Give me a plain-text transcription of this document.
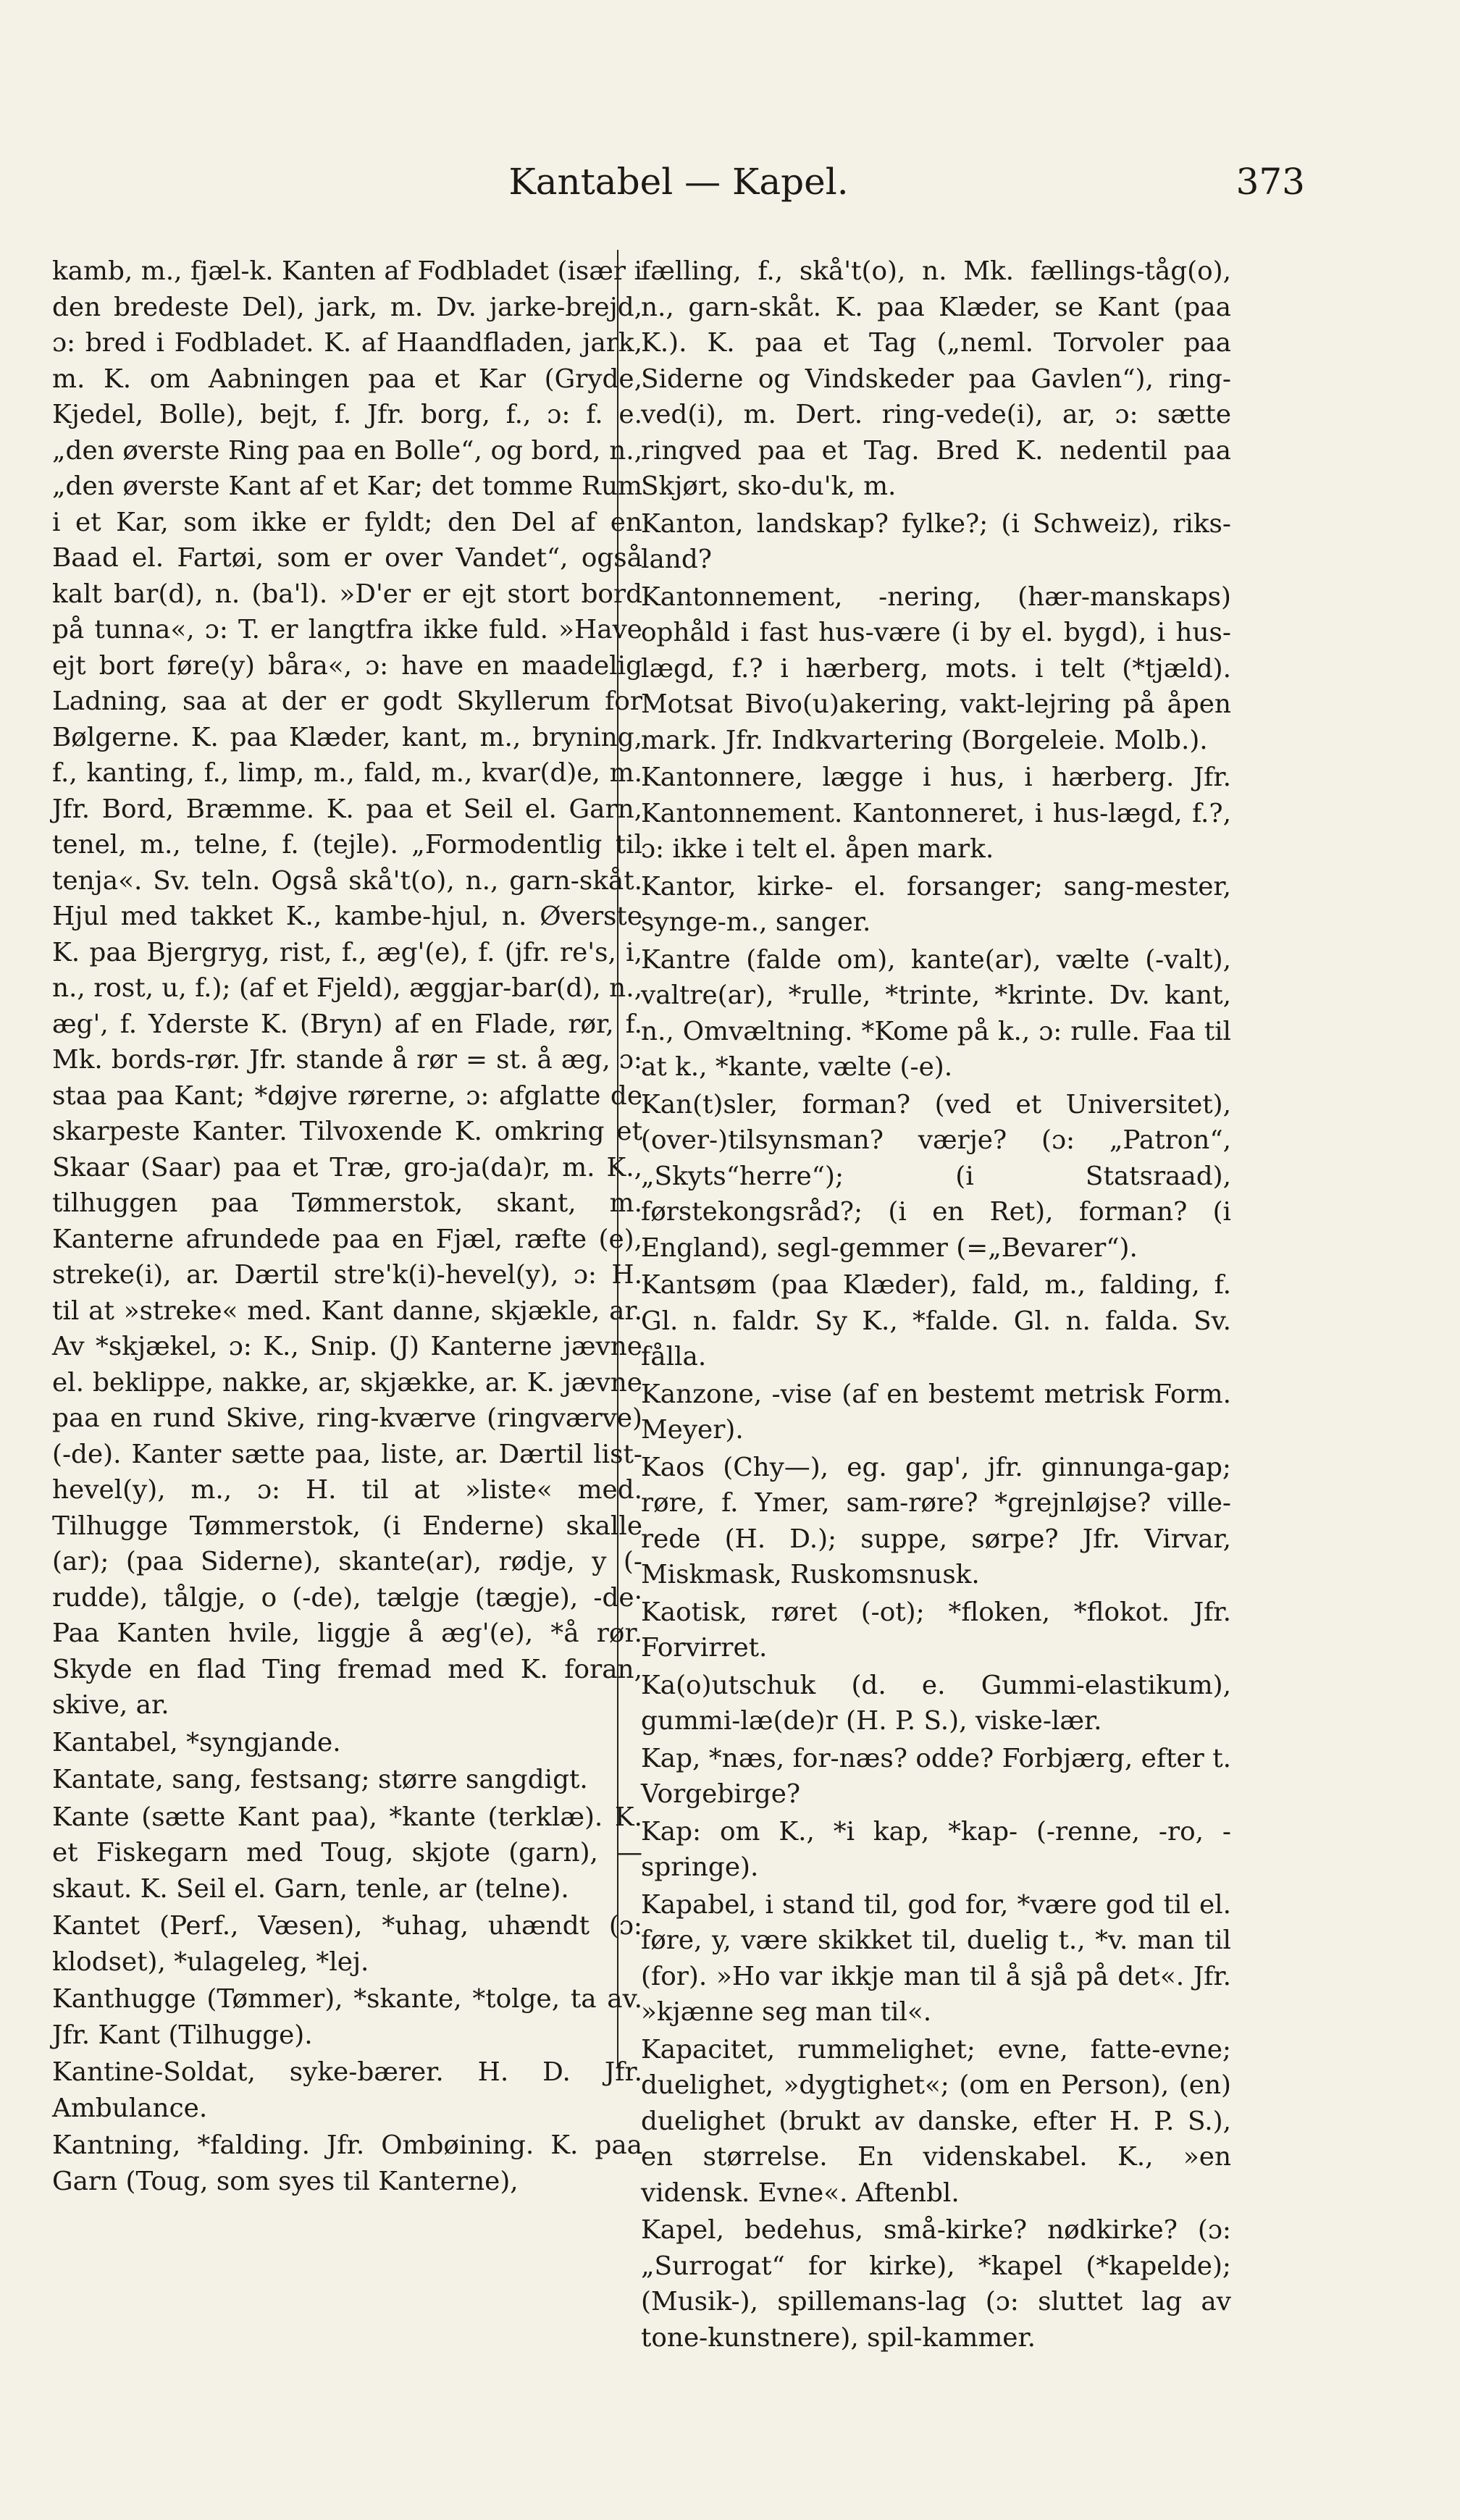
Kantabel — Kapel.	373

kamb, m., fjæl-k. Kanten af Fodbladet (især i den bredeste Del), jark, m. Dv. jarke-brejd, ɔ: bred i Fodbladet. K. af Haandfladen, jark, m. K. om Aabningen paa et Kar (Gryde, Kjedel, Bolle), bejt, f. Jfr. borg, f., ɔ: f. e. „den øverste Ring paa en Bolle“, og bord, n., „den øverste Kant af et Kar; det tomme Rum i et Kar, som ikke er fyldt; den Del af en Baad el. Fartøi, som er over Vandet“, også kalt bar(d), n. (ba'l). »D'er er ejt stort bord på tunna«, ɔ: T. er langtfra ikke fuld. »Have ejt bort føre(y) båra«, ɔ: have en maadelig Ladning, saa at der er godt Skyllerum for Bølgerne. K. paa Klæder, kant, m., bryning, f., kanting, f., limp, m., fald, m., kvar(d)e, m. Jfr. Bord, Bræmme. K. paa et Seil el. Garn, tenel, m., telne, f. (tejle). „Formodentlig til tenja«. Sv. teln. Også skå't(o), n., garn-skåt. Hjul med takket K., kambe-hjul, n. Øverste K. paa Bjergryg, rist, f., æg'(e), f. (jfr. re's, i, n., rost, u, f.); (af et Fjeld), æggjar-bar(d), n., æg', f. Yderste K. (Bryn) af en Flade, rør, f. Mk. bords-rør. Jfr. stande å rør = st. å æg, ɔ: staa paa Kant; *døjve rørerne, ɔ: afglatte de skarpeste Kanter. Tilvoxende K. omkring et Skaar (Saar) paa et Træ, gro-ja(da)r, m. K., tilhuggen paa Tømmerstok, skant, m. Kanterne afrundede paa en Fjæl, ræfte (e), streke(i), ar. Dærtil stre'k(i)-hevel(y), ɔ: H. til at »streke« med. Kant danne, skjækle, ar. Av *skjækel, ɔ: K., Snip. (J) Kanterne jævne el. beklippe, nakke, ar, skjække, ar. K. jævne paa en rund Skive, ring-kværve (ringværve) (-de). Kanter sætte paa, liste, ar. Dærtil list-hevel(y), m., ɔ: H. til at »liste« med. Tilhugge Tømmerstok, (i Enderne) skalle (ar); (paa Siderne), skante(ar), rødje, y (-rudde), tålgje, o (-de), tælgje (tægje), -de· Paa Kanten hvile, liggje å æg'(e), *å rør. Skyde en flad Ting fremad med K. foran, skive, ar.

Kantabel, *syngjande.

Kantate, sang, festsang; større sangdigt.

Kante (sætte Kant paa), *kante (terklæ). K. et Fiskegarn med Toug, skjote (garn), — skaut. K. Seil el. Garn, tenle, ar (telne).

Kantet (Perf., Væsen), *uhag, uhændt (ɔ: klodset), *ulageleg, *lej.

Kanthugge (Tømmer), *skante, *tolge, ta av. Jfr. Kant (Tilhugge).

Kantine-Soldat, syke-bærer. H. D. Jfr. Ambulance.

Kantning, *falding. Jfr. Ombøining. K. paa Garn (Toug, som syes til Kanterne),

fælling, f., skå't(o), n. Mk. fællings-tåg(o), n., garn-skåt. K. paa Klæder, se Kant (paa K.). K. paa et Tag („neml. Torvoler paa Siderne og Vindskeder paa Gavlen“), ring-ved(i), m. Dert. ring-vede(i), ar, ɔ: sætte ringved paa et Tag. Bred K. nedentil paa Skjørt, sko-du'k, m.

Kanton, landskap? fylke?; (i Schweiz), riks-land?

Kantonnement, -nering, (hær-manskaps) ophåld i fast hus-være (i by el. bygd), i hus-lægd, f.? i hærberg, mots. i telt (*tjæld). Motsat Bivo(u)akering, vakt-lejring på åpen mark. Jfr. Indkvartering (Borgeleie. Molb.).

Kantonnere, lægge i hus, i hærberg. Jfr. Kantonnement. Kantonneret, i hus-lægd, f.?, ɔ: ikke i telt el. åpen mark.

Kantor, kirke- el. forsanger; sang-mester, synge-m., sanger.

Kantre (falde om), kante(ar), vælte (-valt), valtre(ar), *rulle, *trinte, *krinte. Dv. kant, n., Omvæltning. *Kome på k., ɔ: rulle. Faa til at k., *kante, vælte (-e).

Kan(t)sler, forman? (ved et Universitet), (over-)tilsynsman? værje? (ɔ: „Patron“, „Skyts“herre“); (i Statsraad), førstekongsråd?; (i en Ret), forman? (i England), segl-gemmer (=„Bevarer“).

Kantsøm (paa Klæder), fald, m., falding, f. Gl. n. faldr. Sy K., *falde. Gl. n. falda. Sv. fålla.

Kanzone, -vise (af en bestemt metrisk Form. Meyer).

Kaos (Chy—), eg. gap', jfr. ginnunga-gap; røre, f. Ymer, sam-røre? *grejnløjse? ville-rede (H. D.); suppe, sørpe? Jfr. Virvar, Miskmask, Ruskomsnusk.

Kaotisk, røret (-ot); *floken, *flokot. Jfr. Forvirret.

Ka(o)utschuk (d. e. Gummi-elastikum), gummi-læ(de)r (H. P. S.), viske-lær.

Kap, *næs, for-næs? odde? Forbjærg, efter t. Vorgebirge?

Kap: om K., *i kap, *kap- (-renne, -ro, -springe).

Kapabel, i stand til, god for, *være god til el. føre, y, være skikket til, duelig t., *v. man til (for). »Ho var ikkje man til å sjå på det«. Jfr. »kjænne seg man til«.

Kapacitet, rummelighet; evne, fatte-evne; duelighet, »dygtighet«; (om en Person), (en) duelighet (brukt av danske, efter H. P. S.), en størrelse. En videnskabel. K., »en vidensk. Evne«. Aftenbl.

Kapel, bedehus, små-kirke? nødkirke? (ɔ: „Surrogat“ for kirke), *kapel (*kapelde); (Musik-), spillemans-lag (ɔ: sluttet lag av tone-kunstnere), spil-kammer.
